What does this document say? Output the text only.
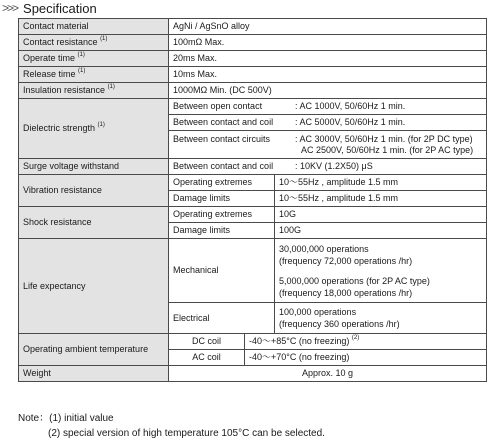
>>> Specification
Contact material	AgNi / AgSnO alloy		
Contact resistance $^{(1)}$	100mΩ Max.		
Operate time $^{(1)}$	20ms Max.		
Release time $^{(1)}$	10ms Max.		
Insulation resistance $^{(1)}$	1000MΩ Min. (DC 500V)		
Dielectric strength $^{(1)}$	Between open contact	: AC 1000V, 50/60Hz 1 min.		

Between contact and coil	: AC 5000V, 50/60Hz 1 min.		

Between contact circuits	: AC 3000V, 50/60Hz 1 min. (for 2P DC type)
	AC 2500V, 50/60Hz 1 min. (for 2P AC type)		

Surge voltage withstand	Between contact and coil	: 10KV (1.2X50) μS		

Vibration resistance	Operating extremes		10～55Hz , amplitude 1.5 mm
	Damage limits		10～55Hz , amplitude 1.5 mm
Shock resistance	Operating extremes		10G
	Damage limits		100G
Life expectancy	Mechanical		30,000,000 operations
(frequency 72,000 operations /hr)
5,000,000 operations (for 2P AC type)
(frequency 18,000 operations /hr)

	Electrical		100,000 operations
(frequency 360 operations /hr)

Operating ambient temperature	DC coil	-40～+85°C (no freezing) $^{(2)}$
	AC coil	-40～+70°C (no freezing)	
Weight	Approx. 10 g		
Note：(1) initial value
(2) special version of high temperature 105°C can be selected.
